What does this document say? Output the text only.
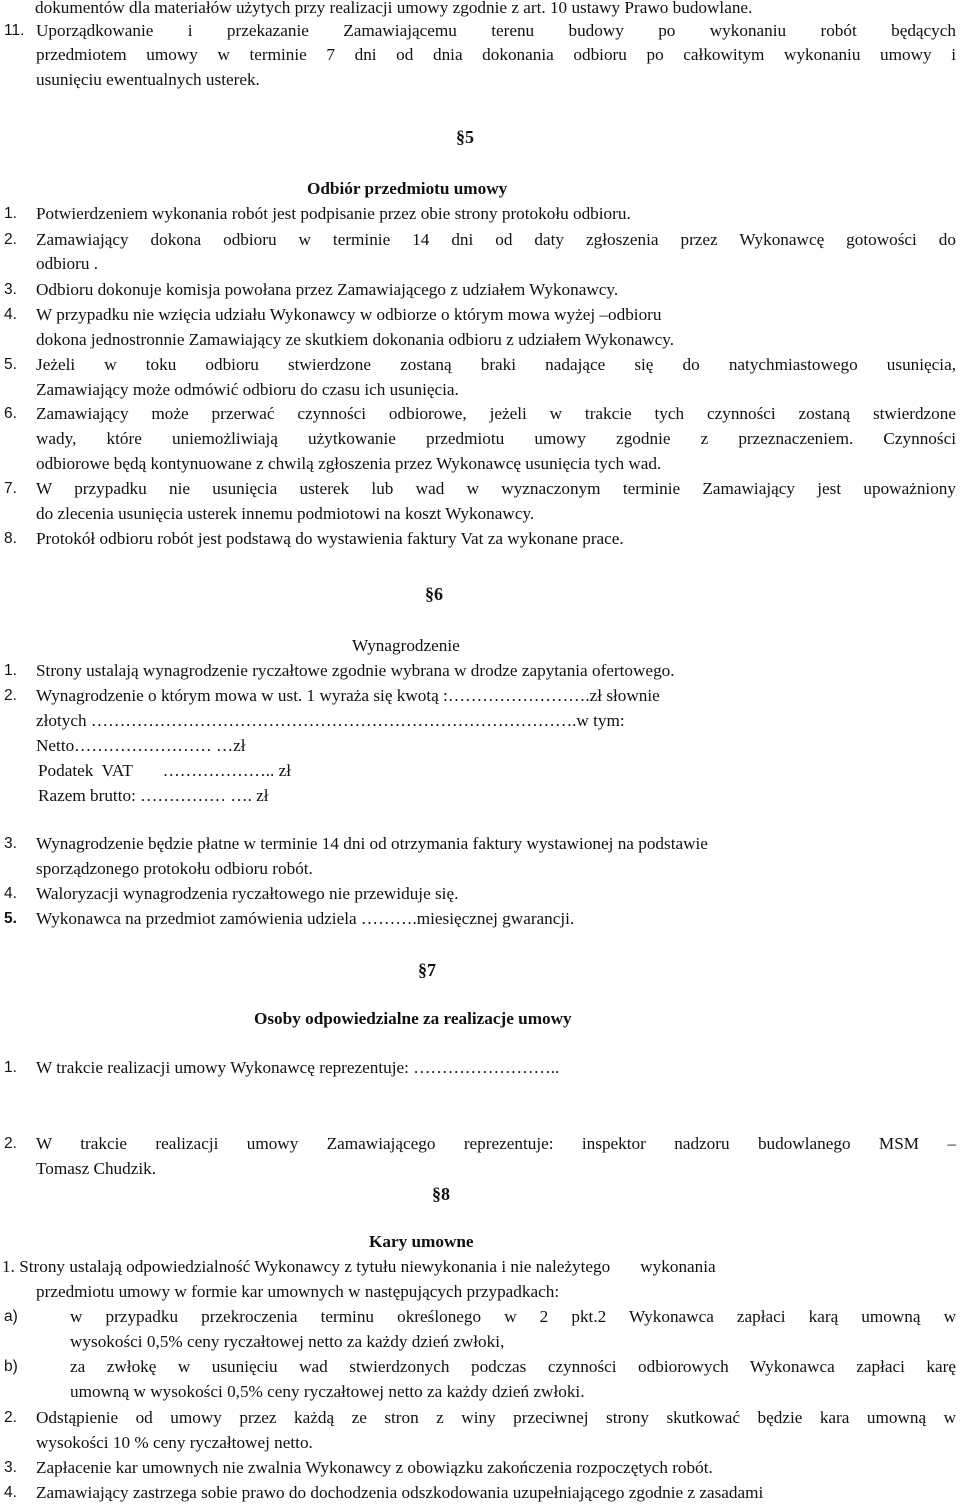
dokumentów dla materiałów użytych przy realizacji umowy zgodnie z art. 10 ustawy Prawo budowlane.
11. Uporządkowanie i przekazanie Zamawiającemu terenu budowy po wykonaniu robót będących
przedmiotem umowy w terminie 7 dni od dnia dokonania odbioru po całkowitym wykonaniu umowy i
usunięciu ewentualnych usterek.
§5
Odbiór przedmiotu umowy
1. Potwierdzeniem wykonania robót jest podpisanie przez obie strony protokołu odbioru.
2. Zamawiający dokona odbioru w terminie 14 dni od daty zgłoszenia przez Wykonawcę gotowości do
odbioru .
3. Odbioru dokonuje komisja powołana przez Zamawiającego z udziałem Wykonawcy.
4. W przypadku nie wzięcia udziału Wykonawcy w odbiorze o którym mowa wyżej –odbioru
dokona jednostronnie Zamawiający ze skutkiem dokonania odbioru z udziałem Wykonawcy.
5. Jeżeli w toku odbioru stwierdzone zostaną braki nadające się do natychmiastowego usunięcia,
Zamawiający może odmówić odbioru do czasu ich usunięcia.
6. Zamawiający może przerwać czynności odbiorowe, jeżeli w trakcie tych czynności zostaną stwierdzone
wady, które uniemożliwiają użytkowanie przedmiotu umowy zgodnie z przeznaczeniem. Czynności
odbiorowe będą kontynuowane z chwilą zgłoszenia przez Wykonawcę usunięcia tych wad.
7. W przypadku nie usunięcia usterek lub wad w wyznaczonym terminie Zamawiający jest upoważniony
do zlecenia usunięcia usterek innemu podmiotowi na koszt Wykonawcy.
8. Protokół odbioru robót jest podstawą do wystawienia faktury Vat za wykonane prace.
§6
Wynagrodzenie
1. Strony ustalają wynagrodzenie ryczałtowe zgodnie wybrana w drodze zapytania ofertowego.
2. Wynagrodzenie o którym mowa w ust. 1 wyraża się kwotą :…………………….zł słownie
złotych ………………………………………………………………………….w tym:
Netto…………………… …zł
Podatek  VAT       ……………….. zł
Razem brutto: …………… …. zł
3. Wynagrodzenie będzie płatne w terminie 14 dni od otrzymania faktury wystawionej na podstawie
sporządzonego protokołu odbioru robót.
4. Waloryzacji wynagrodzenia ryczałtowego nie przewiduje się.
5. Wykonawca na przedmiot zamówienia udziela ……….miesięcznej gwarancji.
§7
Osoby odpowiedzialne za realizacje umowy
1. W trakcie realizacji umowy Wykonawcę reprezentuje: ……………………..
2. W trakcie realizacji umowy Zamawiającego reprezentuje: inspektor nadzoru budowlanego MSM –
Tomasz Chudzik.
§8
Kary umowne
1. Strony ustalają odpowiedzialność Wykonawcy z tytułu niewykonania i nie należytego       wykonania
przedmiotu umowy w formie kar umownych w następujących przypadkach:
a)	w przypadku przekroczenia terminu określonego w 2 pkt.2 Wykonawca zapłaci karą umowną w
wysokości 0,5% ceny ryczałtowej netto za każdy dzień zwłoki,
b)	za zwłokę w usunięciu wad stwierdzonych podczas czynności odbiorowych Wykonawca zapłaci karę
umowną w wysokości 0,5% ceny ryczałtowej netto za każdy dzień zwłoki.
2. Odstąpienie od umowy przez każdą ze stron z winy przeciwnej strony skutkować będzie kara umowną w
wysokości 10 % ceny ryczałtowej netto.
3. Zapłacenie kar umownych nie zwalnia Wykonawcy z obowiązku zakończenia rozpoczętych robót.
4. Zamawiający zastrzega sobie prawo do dochodzenia odszkodowania uzupełniającego zgodnie z zasadami
